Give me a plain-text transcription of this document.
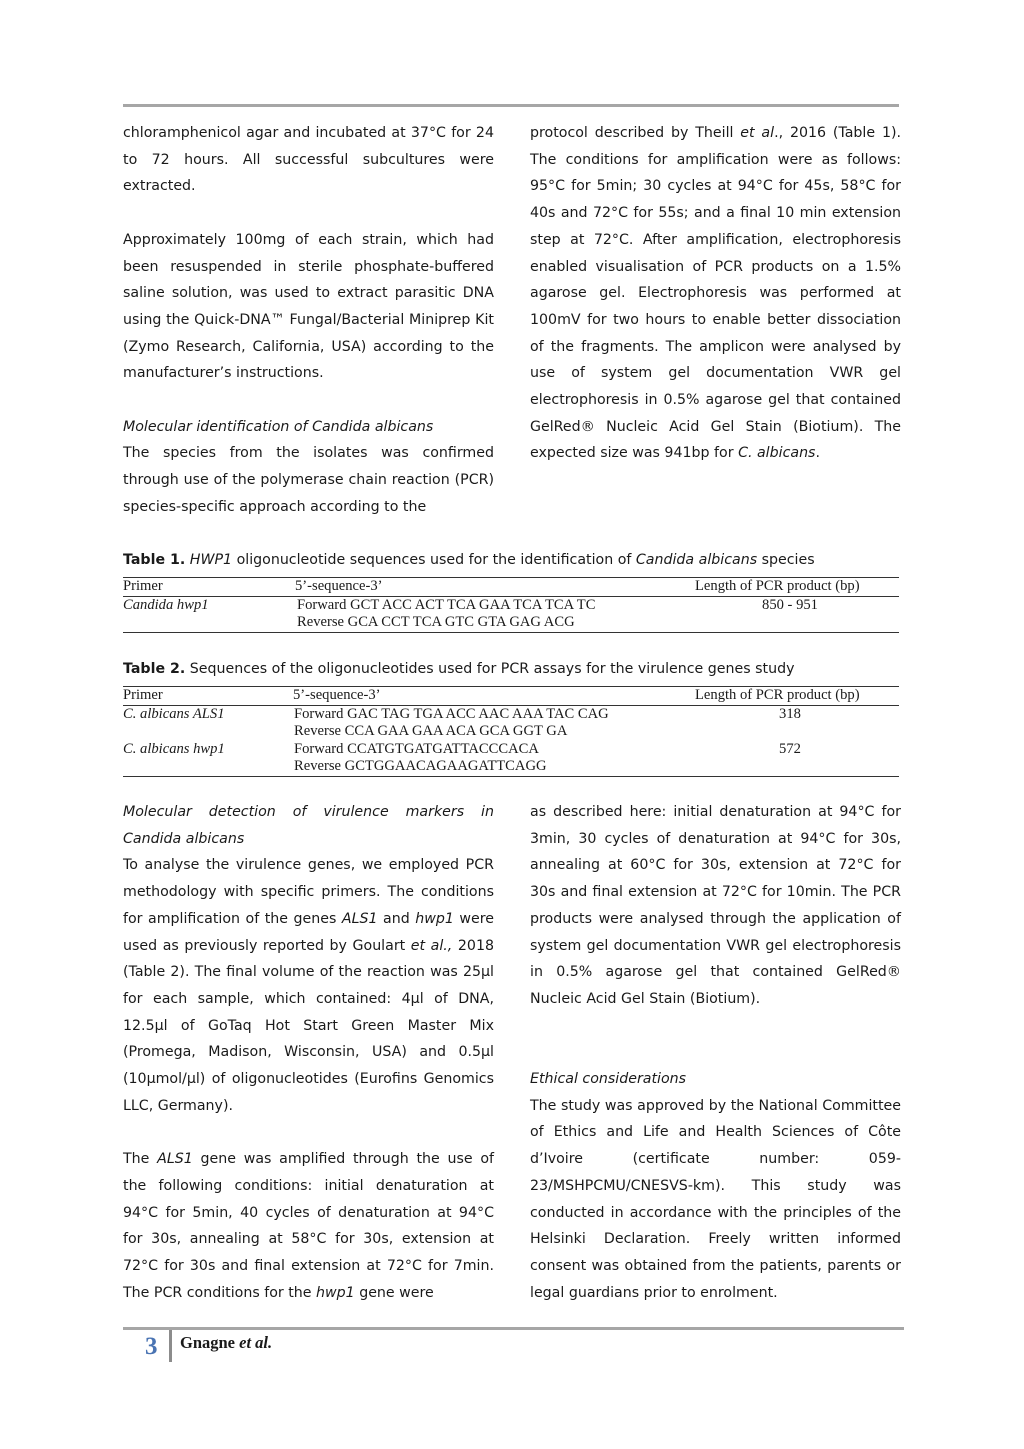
chloramphenicol agar and incubated at 37°C for 24 to 72 hours. All successful subcultures were extracted.

Approximately 100mg of each strain, which had been resuspended in sterile phosphate-buffered saline solution, was used to extract parasitic DNA using the Quick-DNA™ Fungal/Bacterial Miniprep Kit (Zymo Research, California, USA) according to the manufacturer’s instructions.

Molecular identification of Candida albicans

The species from the isolates was confirmed through use of the polymerase chain reaction (PCR) species-specific approach according to the

protocol described by Theill et al., 2016 (Table 1). The conditions for amplification were as follows: 95°C for 5min; 30 cycles at 94°C for 45s, 58°C for 40s and 72°C for 55s; and a final 10 min extension step at 72°C. After amplification, electrophoresis enabled visualisation of PCR products on a 1.5% agarose gel. Electrophoresis was performed at 100mV for two hours to enable better dissociation of the fragments. The amplicon were analysed by use of system gel documentation VWR gel electrophoresis in 0.5% agarose gel that contained GelRed® Nucleic Acid Gel Stain (Biotium). The expected size was 941bp for C. albicans.

Table 1. HWP1 oligonucleotide sequences used for the identification of Candida albicans species
Primer	5’-sequence-3’	Length of PCR product (bp)
Candida hwp1	Forward GCT ACC ACT TCA GAA TCA TCA TC	850 - 951
Reverse GCA CCT TCA GTC GTA GAG ACG
Table 2. Sequences of the oligonucleotides used for PCR assays for the virulence genes study
Primer	5’-sequence-3’	Length of PCR product (bp)
C. albicans ALS1	Forward GAC TAG TGA ACC AAC AAA TAC CAG	318
Reverse CCA GAA GAA ACA GCA GGT GA
C. albicans hwp1	Forward CCATGTGATGATTACCCACA	572
Reverse GCTGGAACAGAAGATTCAGG

Molecular detection of virulence markers in Candida albicans

To analyse the virulence genes, we employed PCR methodology with specific primers. The conditions for amplification of the genes ALS1 and hwp1 were used as previously reported by Goulart et al., 2018 (Table 2). The final volume of the reaction was 25µl for each sample, which contained: 4µl of DNA, 12.5µl of GoTaq Hot Start Green Master Mix (Promega, Madison, Wisconsin, USA) and 0.5µl (10µmol/µl) of oligonucleotides (Eurofins Genomics LLC, Germany).

The ALS1 gene was amplified through the use of the following conditions: initial denaturation at 94°C for 5min, 40 cycles of denaturation at 94°C for 30s, annealing at 58°C for 30s, extension at 72°C for 30s and final extension at 72°C for 7min. The PCR conditions for the hwp1 gene were

as described here: initial denaturation at 94°C for 3min, 30 cycles of denaturation at 94°C for 30s, annealing at 60°C for 30s, extension at 72°C for 30s and final extension at 72°C for 10min. The PCR products were analysed through the application of system gel documentation VWR gel electrophoresis in 0.5% agarose gel that contained GelRed® Nucleic Acid Gel Stain (Biotium).

Ethical considerations

The study was approved by the National Committee of Ethics and Life and Health Sciences of Côte d’Ivoire (certificate number: 059-23/MSHPCMU/CNESVS-km). This study was conducted in accordance with the principles of the Helsinki Declaration. Freely written informed consent was obtained from the patients, parents or legal guardians prior to enrolment.

3 Gnagne et al.
